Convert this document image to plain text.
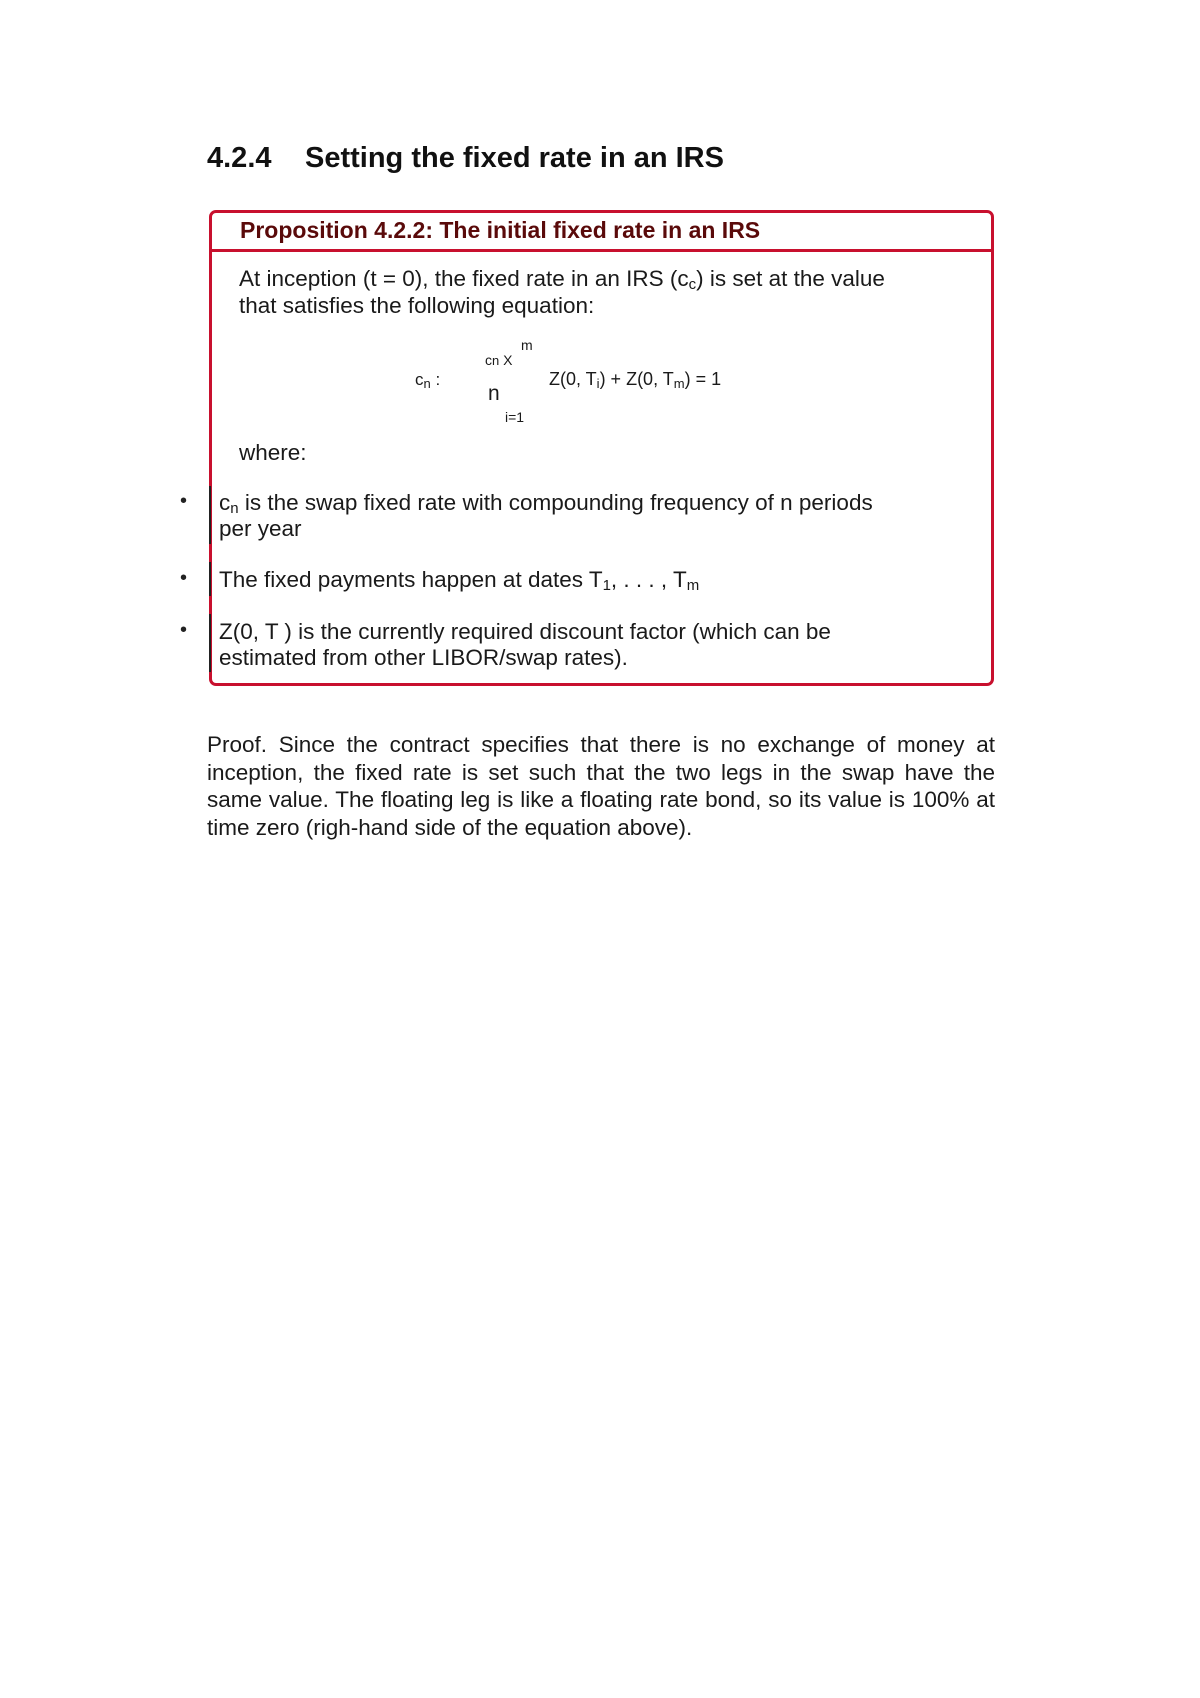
4.2.4 Setting the fixed rate in an IRS

Proposition 4.2.2: The initial fixed rate in an IRS

At inception (t = 0), the fixed rate in an IRS $(c_c)$ is set at the value

that satisfies the following equation:

$c_n$ :
cn X
m
n
i=1
Z(0, $T_i) + Z(0$, $T_m) = 1$

where:

• $c_n$ is the swap fixed rate with compounding frequency of n periods

per year

• The fixed payments happen at dates $T_1$, . . . , $T_m$

• Z(0, T ) is the currently required discount factor (which can be

estimated from other LIBOR/swap rates).

Proof. Since the contract specifies that there is no exchange of money at inception, the fixed rate is set such that the two legs in the swap have the same value. The floating leg is like a floating rate bond, so its value is 100% at time zero (righ-hand side of the equation above).
